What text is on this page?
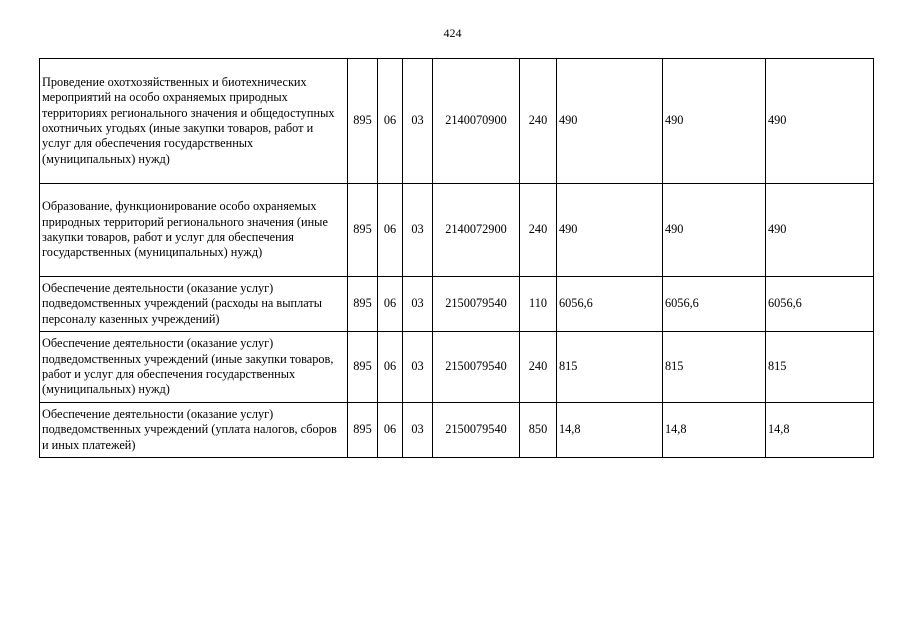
424
Проведение охотхозяйственных и биотехнических мероприятий на особо охраняемых природных территориях регионального значения и общедоступных охотничьих угодьях (иные закупки товаров, работ и услуг для обеспечения государственных (муниципальных) нужд)	895	06	03	2140070900	240	490	490	490
Образование, функционирование особо охраняемых природных территорий регионального значения (иные закупки товаров, работ и услуг для обеспечения государственных (муниципальных) нужд)	895	06	03	2140072900	240	490	490	490
Обеспечение деятельности (оказание услуг) подведомственных учреждений (расходы на выплаты персоналу казенных учреждений)	895	06	03	2150079540	110	6056,6	6056,6	6056,6
Обеспечение деятельности (оказание услуг) подведомственных учреждений (иные закупки товаров, работ и услуг для обеспечения государственных (муниципальных) нужд)	895	06	03	2150079540	240	815	815	815
Обеспечение деятельности (оказание услуг) подведомственных учреждений (уплата налогов, сборов и иных платежей)	895	06	03	2150079540	850	14,8	14,8	14,8
